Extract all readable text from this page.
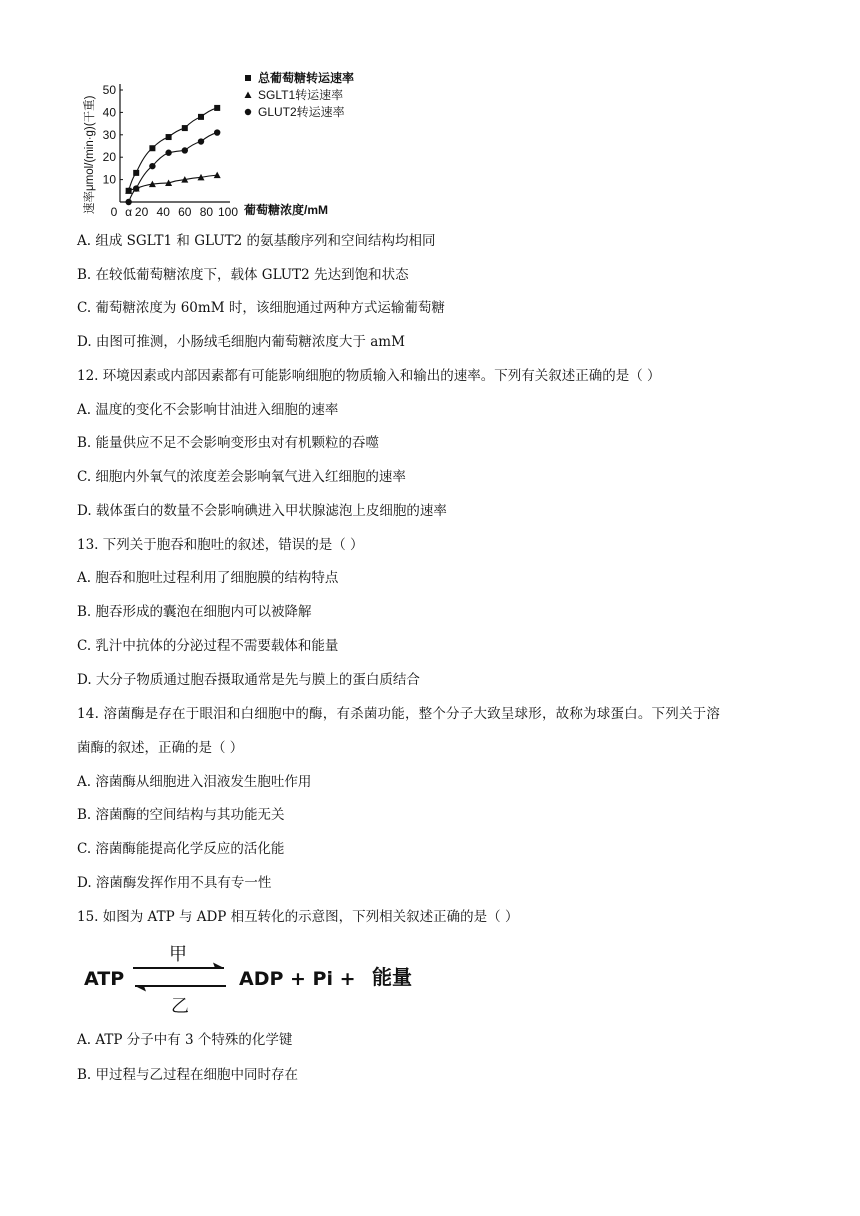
10
20
30
40
50
0 α 20 40 60 80 100
总葡萄糖转运速率
SGLT1转运速率
GLUT2转运速率
速率μmol/(min·g)(干重)	葡萄糖浓度/mM
A. 组成 SGLT1 和 GLUT2 的氨基酸序列和空间结构均相同
B. 在较低葡萄糖浓度下，载体 GLUT2 先达到饱和状态
C. 葡萄糖浓度为 60mM 时，该细胞通过两种方式运输葡萄糖
D. 由图可推测，小肠绒毛细胞内葡萄糖浓度大于 amM
12. 环境因素或内部因素都有可能影响细胞的物质输入和输出的速率。下列有关叙述正确的是（ ）
A. 温度的变化不会影响甘油进入细胞的速率
B. 能量供应不足不会影响变形虫对有机颗粒的吞噬
C. 细胞内外氧气的浓度差会影响氧气进入红细胞的速率
D. 载体蛋白的数量不会影响碘进入甲状腺滤泡上皮细胞的速率
13. 下列关于胞吞和胞吐的叙述，错误的是（ ）
A. 胞吞和胞吐过程利用了细胞膜的结构特点
B. 胞吞形成的囊泡在细胞内可以被降解
C. 乳汁中抗体的分泌过程不需要载体和能量
D. 大分子物质通过胞吞摄取通常是先与膜上的蛋白质结合
14. 溶菌酶是存在于眼泪和白细胞中的酶，有杀菌功能，整个分子大致呈球形，故称为球蛋白。下列关于溶
菌酶的叙述，正确的是（ ）
A. 溶菌酶从细胞进入泪液发生胞吐作用
B. 溶菌酶的空间结构与其功能无关
C. 溶菌酶能提高化学反应的活化能
D. 溶菌酶发挥作用不具有专一性
15. 如图为 ATP 与 ADP 相互转化的示意图，下列相关叙述正确的是（ ）
ATP
甲
乙
ADP + Pi + 能量
A. ATP 分子中有 3 个特殊的化学键
B. 甲过程与乙过程在细胞中同时存在
